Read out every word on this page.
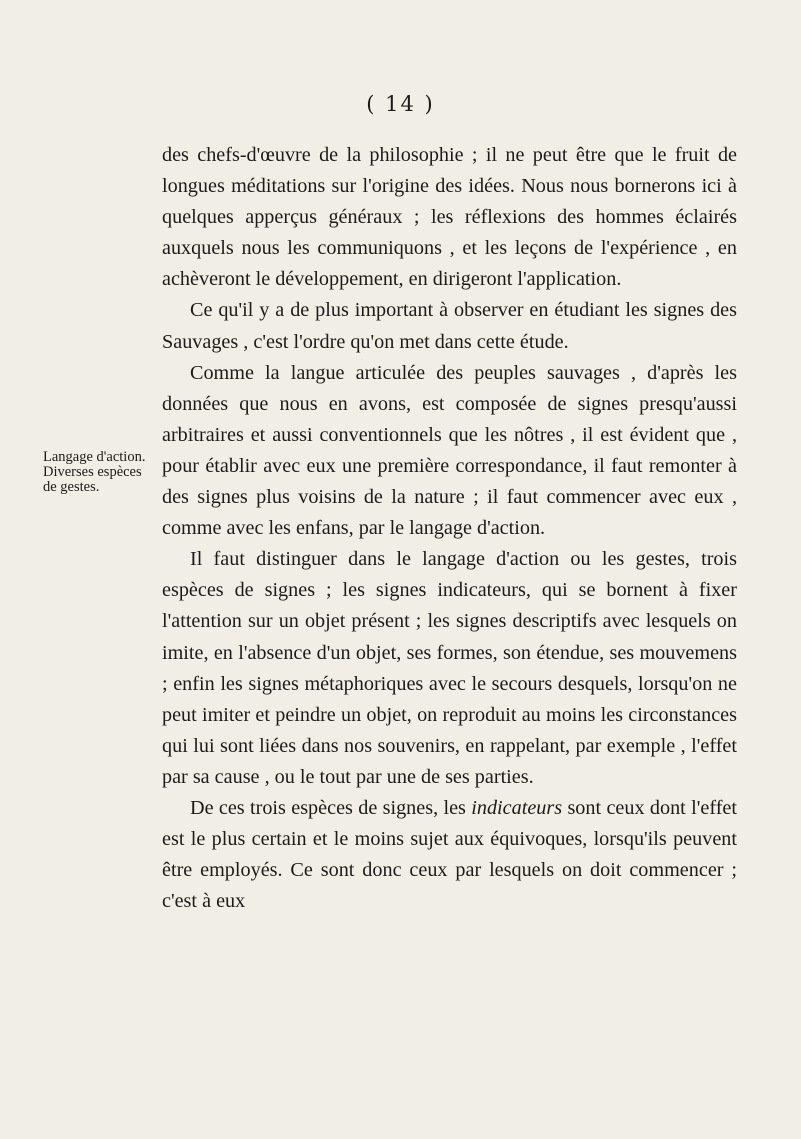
( 14 )
Langage d'action. Diverses espèces de gestes.

des chefs-d'œuvre de la philosophie ; il ne peut être que le fruit de longues méditations sur l'origine des idées. Nous nous bornerons ici à quelques apperçus généraux ; les réflexions des hommes éclairés auxquels nous les communiquons , et les leçons de l'expérience , en achèveront le développement, en dirigeront l'application.

Ce qu'il y a de plus important à observer en étudiant les signes des Sauvages , c'est l'ordre qu'on met dans cette étude.

Comme la langue articulée des peuples sauvages , d'après les données que nous en avons, est composée de signes presqu'aussi arbitraires et aussi conventionnels que les nôtres , il est évident que , pour établir avec eux une première correspondance, il faut remonter à des signes plus voisins de la nature ; il faut commencer avec eux , comme avec les enfans, par le langage d'action.

Il faut distinguer dans le langage d'action ou les gestes, trois espèces de signes ; les signes indicateurs, qui se bornent à fixer l'attention sur un objet présent ; les signes descriptifs avec lesquels on imite, en l'absence d'un objet, ses formes, son étendue, ses mouvemens ; enfin les signes métaphoriques avec le secours desquels, lorsqu'on ne peut imiter et peindre un objet, on reproduit au moins les circonstances qui lui sont liées dans nos souvenirs, en rappelant, par exemple , l'effet par sa cause , ou le tout par une de ses parties.

De ces trois espèces de signes, les indicateurs sont ceux dont l'effet est le plus certain et le moins sujet aux équivoques, lorsqu'ils peuvent être employés. Ce sont donc ceux par lesquels on doit commencer ; c'est à eux
